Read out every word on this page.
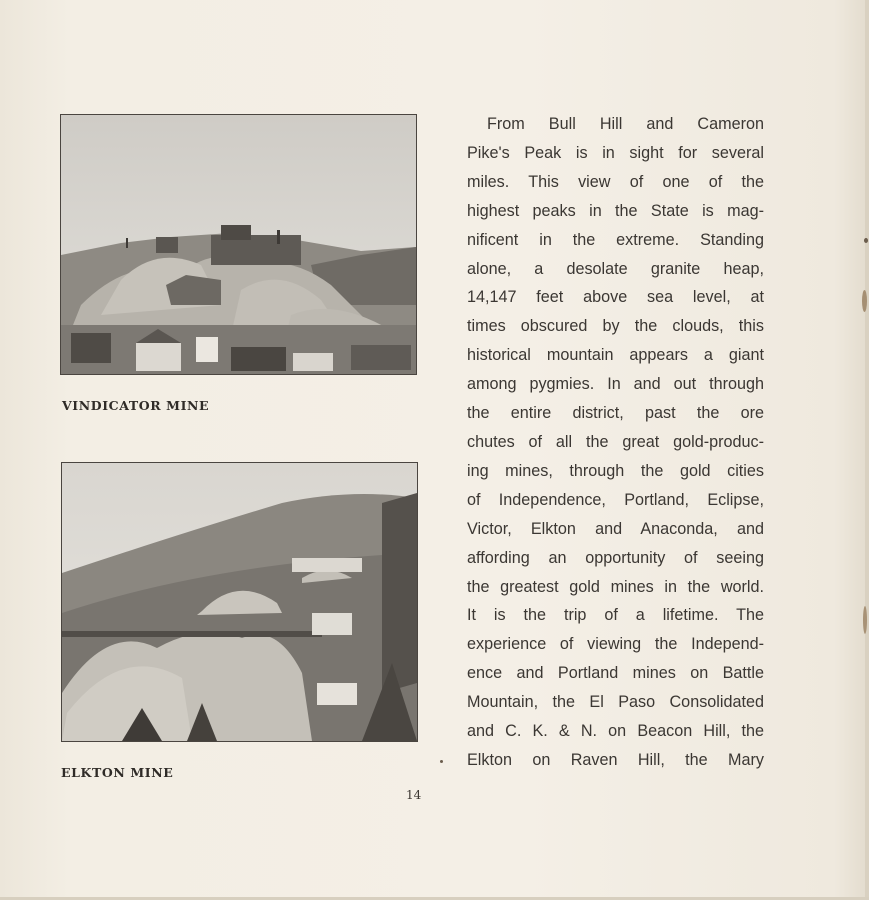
VINDICATOR MINE
ELKTON MINE
14
From Bull Hill and Cameron
Pike's Peak is in sight for several
miles. This view of one of the
highest peaks in the State is mag-
nificent in the extreme. Standing
alone, a desolate granite heap,
14,147 feet above sea level, at
times obscured by the clouds, this
historical mountain appears a giant
among pygmies. In and out through
the entire district, past the ore
chutes of all the great gold-produc-
ing mines, through the gold cities
of Independence, Portland, Eclipse,
Victor, Elkton and Anaconda, and
affording an opportunity of seeing
the greatest gold mines in the world.
It is the trip of a lifetime. The
experience of viewing the Independ-
ence and Portland mines on Battle
Mountain, the El Paso Consolidated
and C. K. & N. on Beacon Hill, the
Elkton on Raven Hill, the Mary
